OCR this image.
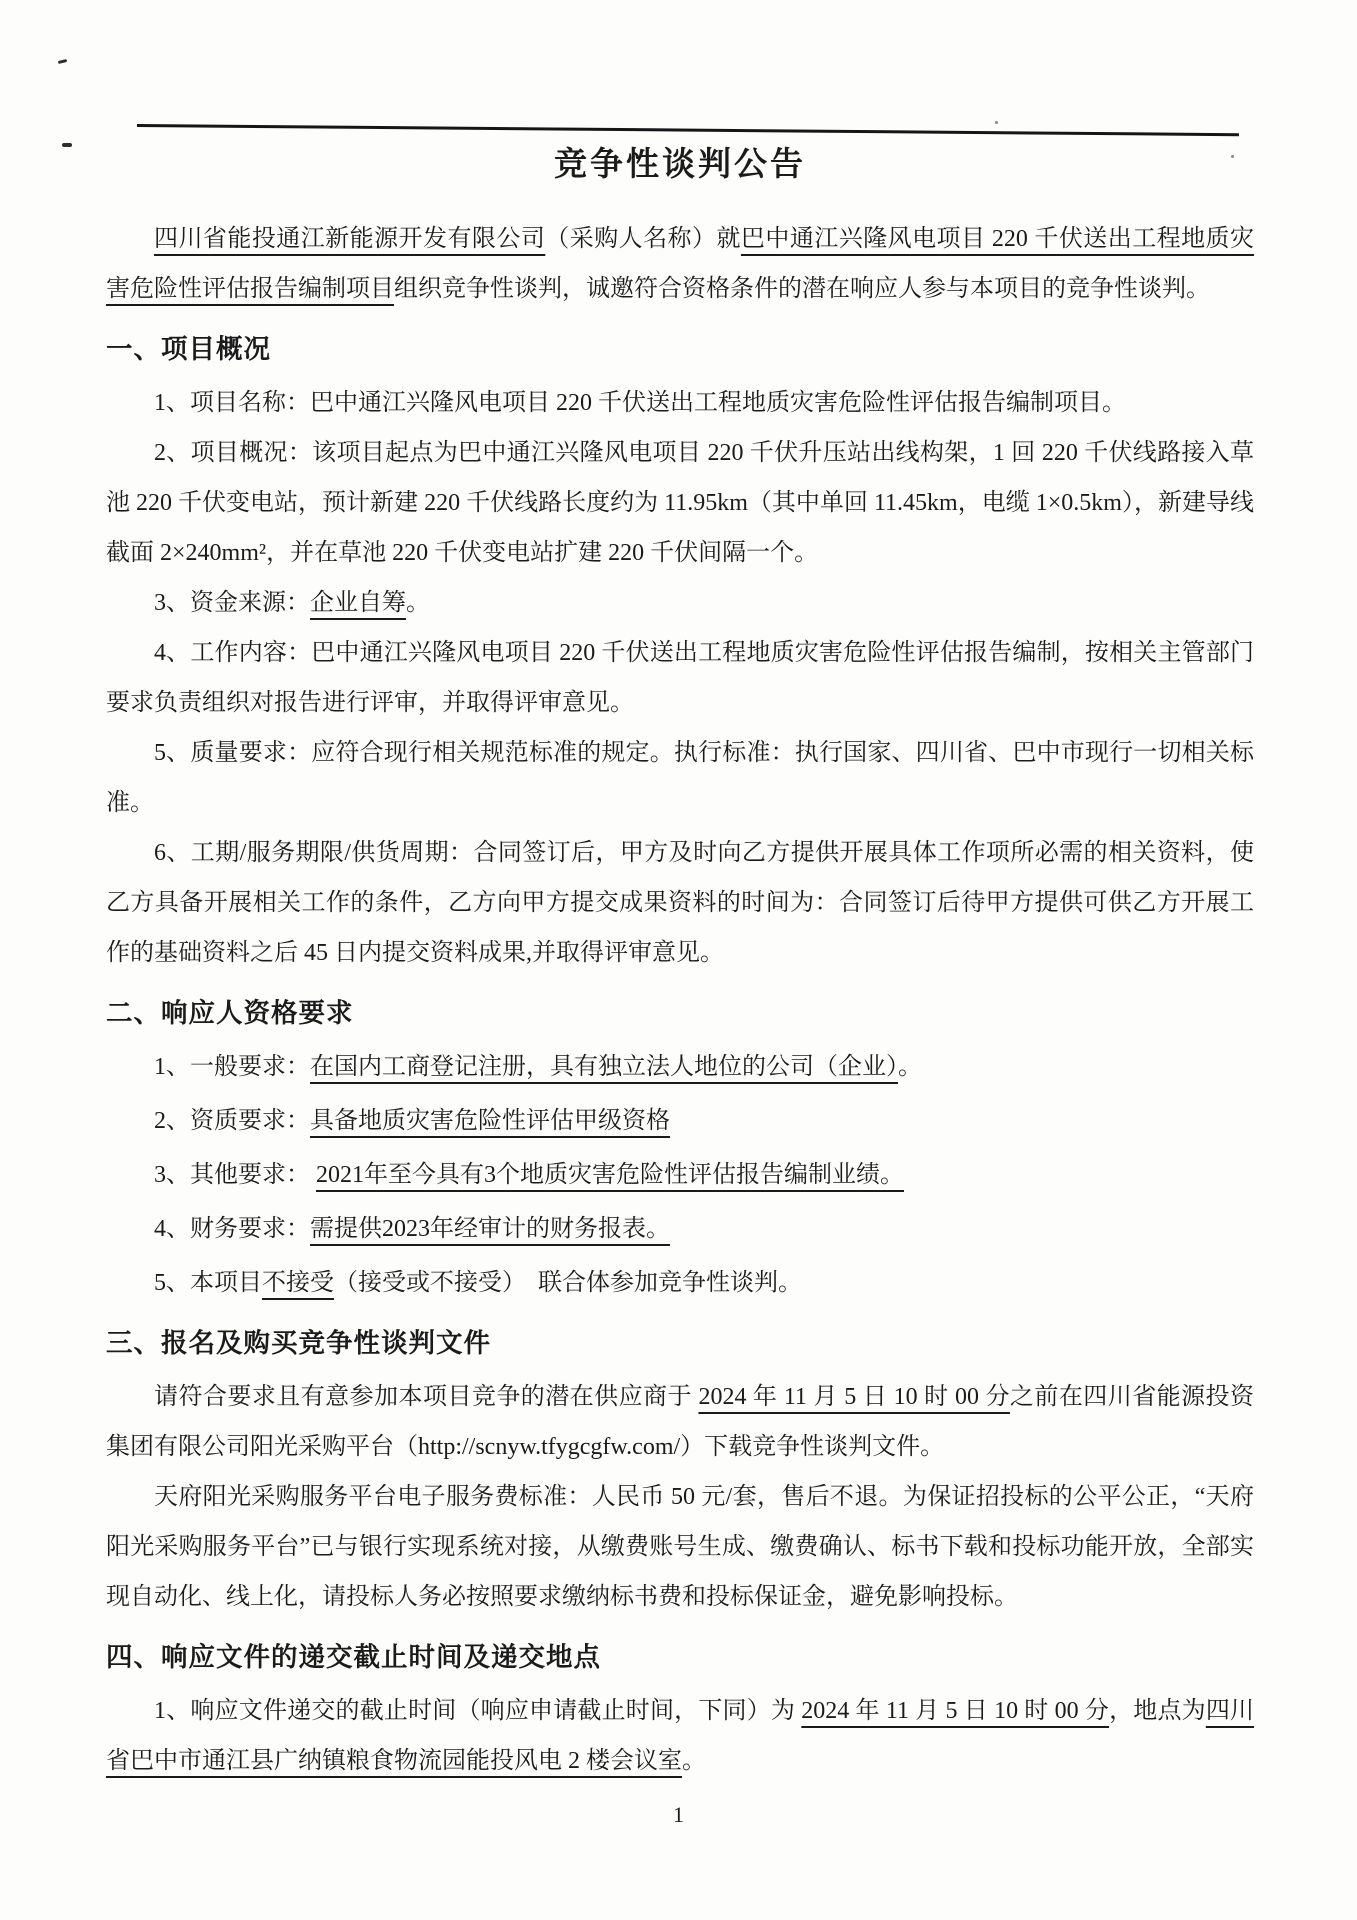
竞争性谈判公告

四川省能投通江新能源开发有限公司（采购人名称）就巴中通江兴隆风电项目 220 千伏送出工程地质灾害危险性评估报告编制项目组织竞争性谈判，诚邀符合资格条件的潜在响应人参与本项目的竞争性谈判。

一、项目概况

1、项目名称：巴中通江兴隆风电项目 220 千伏送出工程地质灾害危险性评估报告编制项目。

2、项目概况：该项目起点为巴中通江兴隆风电项目 220 千伏升压站出线构架，1 回 220 千伏线路接入草池 220 千伏变电站，预计新建 220 千伏线路长度约为 11.95km（其中单回 11.45km，电缆 1×0.5km），新建导线截面 2×240mm²，并在草池 220 千伏变电站扩建 220 千伏间隔一个。

3、资金来源：企业自筹。

4、工作内容：巴中通江兴隆风电项目 220 千伏送出工程地质灾害危险性评估报告编制，按相关主管部门要求负责组织对报告进行评审，并取得评审意见。

5、质量要求：应符合现行相关规范标准的规定。执行标准：执行国家、四川省、巴中市现行一切相关标准。

6、工期/服务期限/供货周期：合同签订后，甲方及时向乙方提供开展具体工作项所必需的相关资料，使乙方具备开展相关工作的条件，乙方向甲方提交成果资料的时间为：合同签订后待甲方提供可供乙方开展工作的基础资料之后 45 日内提交资料成果,并取得评审意见。

二、响应人资格要求

1、一般要求：在国内工商登记注册，具有独立法人地位的公司（企业）。

2、资质要求：具备地质灾害危险性评估甲级资格

3、其他要求： 2021年至今具有3个地质灾害危险性评估报告编制业绩。

4、财务要求：需提供2023年经审计的财务报表。

5、本项目不接受（接受或不接受）　联合体参加竞争性谈判。

三、报名及购买竞争性谈判文件

请符合要求且有意参加本项目竞争的潜在供应商于 2024 年 11 月 5 日 10 时 00 分之前在四川省能源投资集团有限公司阳光采购平台（http://scnyw.tfygcgfw.com/）下载竞争性谈判文件。

天府阳光采购服务平台电子服务费标准：人民币 50 元/套，售后不退。为保证招投标的公平公正，“天府阳光采购服务平台”已与银行实现系统对接，从缴费账号生成、缴费确认、标书下载和投标功能开放，全部实现自动化、线上化，请投标人务必按照要求缴纳标书费和投标保证金，避免影响投标。

四、响应文件的递交截止时间及递交地点

1、响应文件递交的截止时间（响应申请截止时间，下同）为 2024 年 11 月 5 日 10 时 00 分，地点为四川省巴中市通江县广纳镇粮食物流园能投风电 2 楼会议室。

1
